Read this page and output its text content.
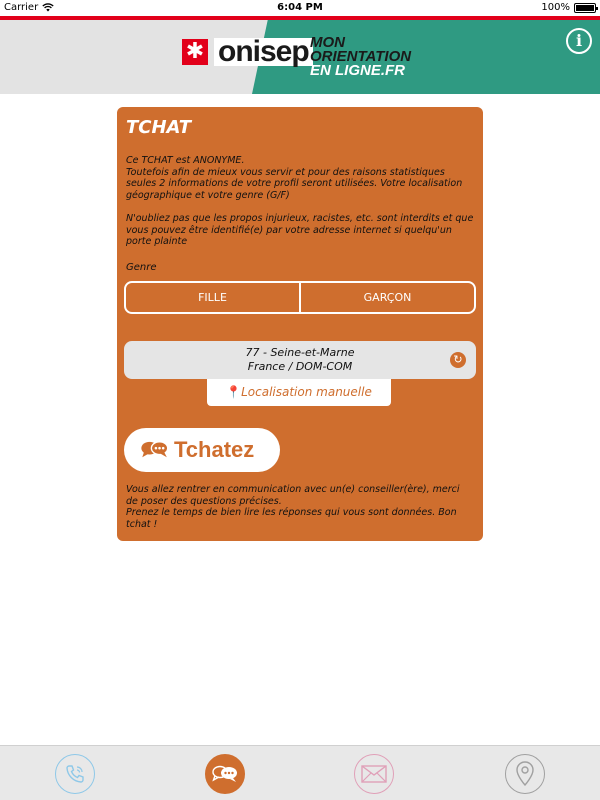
Carrier	6:04 PM	100%
✱ onisep MON
ORIENTATION
EN LIGNE.FR
i
TCHAT

Ce TCHAT est ANONYME.

Toutefois afin de mieux vous servir et pour des raisons statistiques seules 2 informations de votre profil seront utilisées. Votre localisation géographique et votre genre (G/F)

N'oubliez pas que les propos injurieux, racistes, etc. sont interdits et que vous pouvez être identifié(e) par votre adresse internet si quelqu'un porte plainte
Genre
FILLE	GARÇON
77 - Seine-et-Marne
France / DOM-COM
↻
📍Localisation manuelle
Tchatez

Vous allez rentrer en communication avec un(e) conseiller(ère), merci de poser des questions précises.

Prenez le temps de bien lire les réponses qui vous sont données. Bon tchat !
